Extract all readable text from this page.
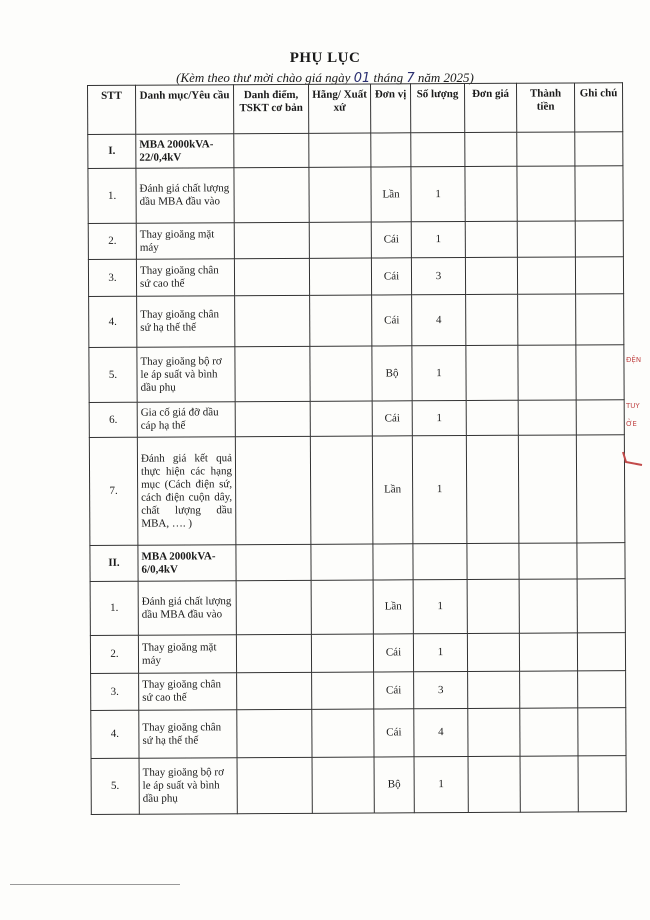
PHỤ LỤC
(Kèm theo thư mời chào giá ngày 01 tháng 7 năm 2025)
STT	Danh mục/Yêu cầu	Danh điểm, TSKT cơ bản	Hãng/ Xuất xứ	Đơn vị	Số lượng	Đơn giá	Thành tiền	Ghi chú
I.	MBA 2000kVA-22/0,4kV							
1.	Đánh giá chất lượng dầu MBA đầu vào			Lần	1			
2.	Thay gioăng mặt máy			Cái	1			
3.	Thay gioăng chân sứ cao thế			Cái	3			
4.	Thay gioăng chân sứ hạ thế thế			Cái	4			
5.	Thay gioăng bộ rơ le áp suất và bình dầu phụ			Bộ	1			
6.	Gia cố giá đỡ dầu cáp hạ thế			Cái	1			
7.	Đánh giá kết quả thực hiện các hạng mục (Cách điện sứ, cách điện cuộn dây, chất lượng dầu MBA, …. )			Lần	1			
II.	MBA 2000kVA-6/0,4kV							
1.	Đánh giá chất lượng dầu MBA đầu vào			Lần	1			
2.	Thay gioăng mặt máy			Cái	1			
3.	Thay gioăng chân sứ cao thế			Cái	3			
4.	Thay gioăng chân sứ hạ thế thế			Cái	4			
5.	Thay gioăng bộ rơ le áp suất và bình dầu phụ			Bộ	1			
ĐỆN
TUY
ỞE
